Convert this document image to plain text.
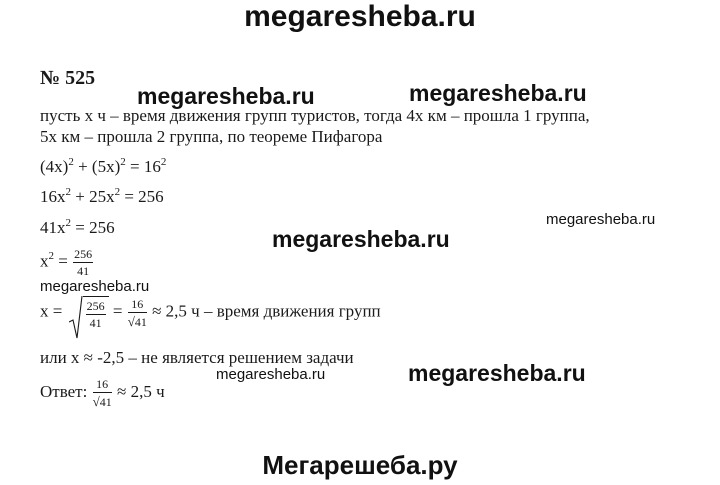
megaresheba.ru
megaresheba.ru	megaresheba.ru
megaresheba.ru
megaresheba.ru
megaresheba.ru
megaresheba.ru
megaresheba.ru
Мегарешеба.ру
№ 525
пусть х ч – время движения групп туристов, тогда 4х км – прошла 1 группа,
5х км – прошла 2 группа, по теореме Пифагора
$(4x)^2 + (5x)^2 = 16^2$
$16x^2 + 25x^2 = 256$
$41x^2 = 256$
$x^2 = \frac{256}{41}$
$x = \frac{256}{41} = \frac{16}{√41} \approx 2,5$ ч – время движения групп
или х ≈ -2,5 – не является решением задачи
Ответ: $\frac{16}{√41} \approx 2,5$ ч
